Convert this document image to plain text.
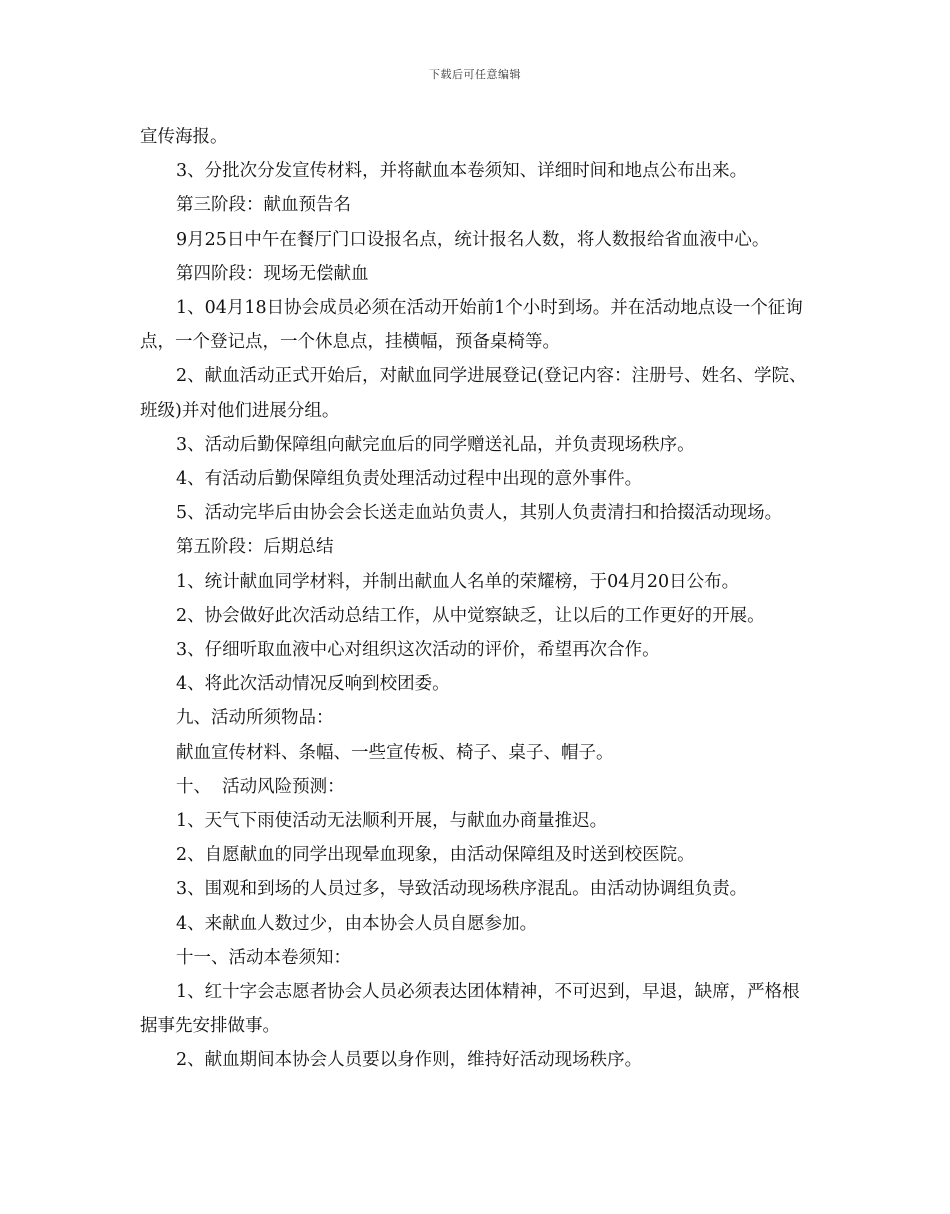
下载后可任意编辑

宣传海报。

3、分批次分发宣传材料，并将献血本卷须知、详细时间和地点公布出来。

第三阶段：献血预告名

9月25日中午在餐厅门口设报名点，统计报名人数，将人数报给省血液中心。

第四阶段：现场无偿献血

1、04月18日协会成员必须在活动开始前1个小时到场。并在活动地点设一个征询点，一个登记点，一个休息点，挂横幅，预备桌椅等。

2、献血活动正式开始后，对献血同学进展登记(登记内容：注册号、姓名、学院、班级)并对他们进展分组。

3、活动后勤保障组向献完血后的同学赠送礼品，并负责现场秩序。

4、有活动后勤保障组负责处理活动过程中出现的意外事件。

5、活动完毕后由协会会长送走血站负责人，其别人负责清扫和拾掇活动现场。

第五阶段：后期总结

1、统计献血同学材料，并制出献血人名单的荣耀榜，于04月20日公布。

2、协会做好此次活动总结工作，从中觉察缺乏，让以后的工作更好的开展。

3、仔细听取血液中心对组织这次活动的评价，希望再次合作。

4、将此次活动情况反响到校团委。

九、活动所须物品：

献血宣传材料、条幅、一些宣传板、椅子、桌子、帽子。

十、  活动风险预测：

1、天气下雨使活动无法顺利开展，与献血办商量推迟。

2、自愿献血的同学出现晕血现象，由活动保障组及时送到校医院。

3、围观和到场的人员过多，导致活动现场秩序混乱。由活动协调组负责。

4、来献血人数过少，由本协会人员自愿参加。

十一、活动本卷须知：

1、红十字会志愿者协会人员必须表达团体精神，不可迟到，早退，缺席，严格根据事先安排做事。

2、献血期间本协会人员要以身作则，维持好活动现场秩序。
